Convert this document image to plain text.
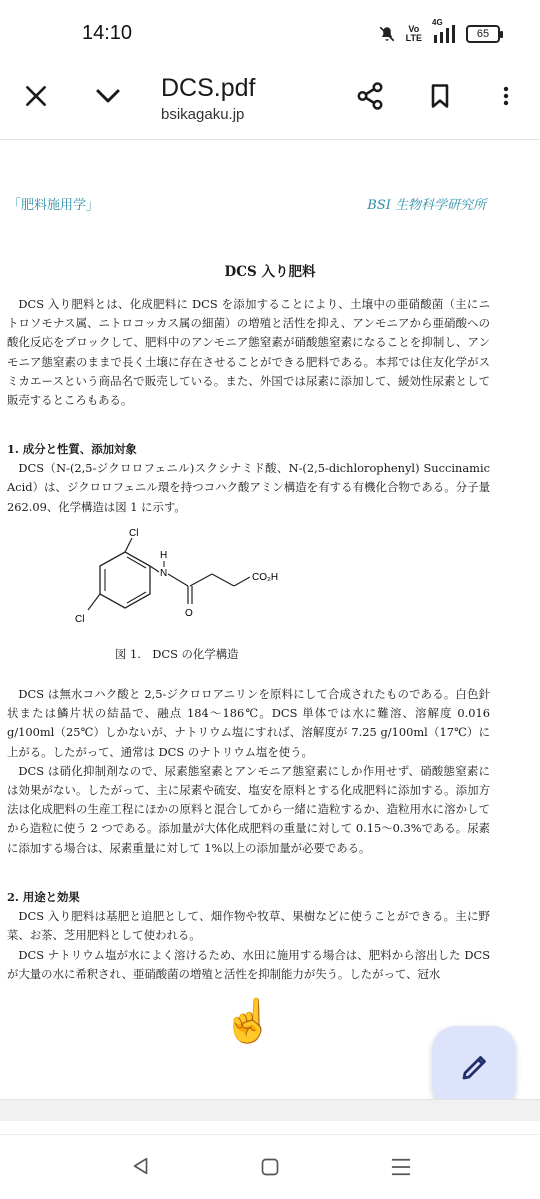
14:10	Vo
LTE
4G
65
DCS.pdf
bsikagaku.jp
「肥料施用学」	BSI 生物科学研究所
DCS 入り肥料

DCS 入り肥料とは、化成肥料に DCS を添加することにより、土壌中の亜硝酸菌（主にニトロソモナス属、ニトロコッカス属の細菌）の増殖と活性を抑え、アンモニアから亜硝酸への酸化反応をブロックして、肥料中のアンモニア態窒素が硝酸態窒素になることを抑制し、アンモニア態窒素のままで長く土壌に存在させることができる肥料である。本邦では住友化学がスミカエースという商品名で販売している。また、外国では尿素に添加して、緩効性尿素として販売するところもある。

1. 成分と性質、添加対象

DCS（N-(2,5-ジクロロフェニル)スクシナミド酸、N-(2,5-dichlorophenyl) Succinamic Acid）は、ジクロロフェニル環を持つコハク酸アミン構造を有する有機化合物である。分子量 262.09、化学構造は図 1 に示す。

Cl
Cl
N
H
O
CO₂H
図 1.　DCS の化学構造

DCS は無水コハク酸と 2,5-ジクロロアニリンを原料にして合成されたものである。白色針状または鱗片状の結晶で、融点 184～186℃。DCS 単体では水に難溶、溶解度 0.016 g/100ml（25℃）しかないが、ナトリウム塩にすれば、溶解度が 7.25 g/100ml（17℃）に上がる。したがって、通常は DCS のナトリウム塩を使う。

DCS は硝化抑制剤なので、尿素態窒素とアンモニア態窒素にしか作用せず、硝酸態窒素には効果がない。したがって、主に尿素や硫安、塩安を原料とする化成肥料に添加する。添加方法は化成肥料の生産工程にほかの原料と混合してから一緒に造粒するか、造粒用水に溶かしてから造粒に使う 2 つである。添加量が大体化成肥料の重量に対して 0.15～0.3%である。尿素に添加する場合は、尿素重量に対して 1%以上の添加量が必要である。

2. 用途と効果

DCS 入り肥料は基肥と追肥として、畑作物や牧草、果樹などに使うことができる。主に野菜、お茶、芝用肥料として使われる。

DCS ナトリウム塩が水によく溶けるため、水田に施用する場合は、肥料から溶出した DCS が大量の水に希釈され、亜硝酸菌の増殖と活性を抑制能力が失う。したがって、冠水

☝️
